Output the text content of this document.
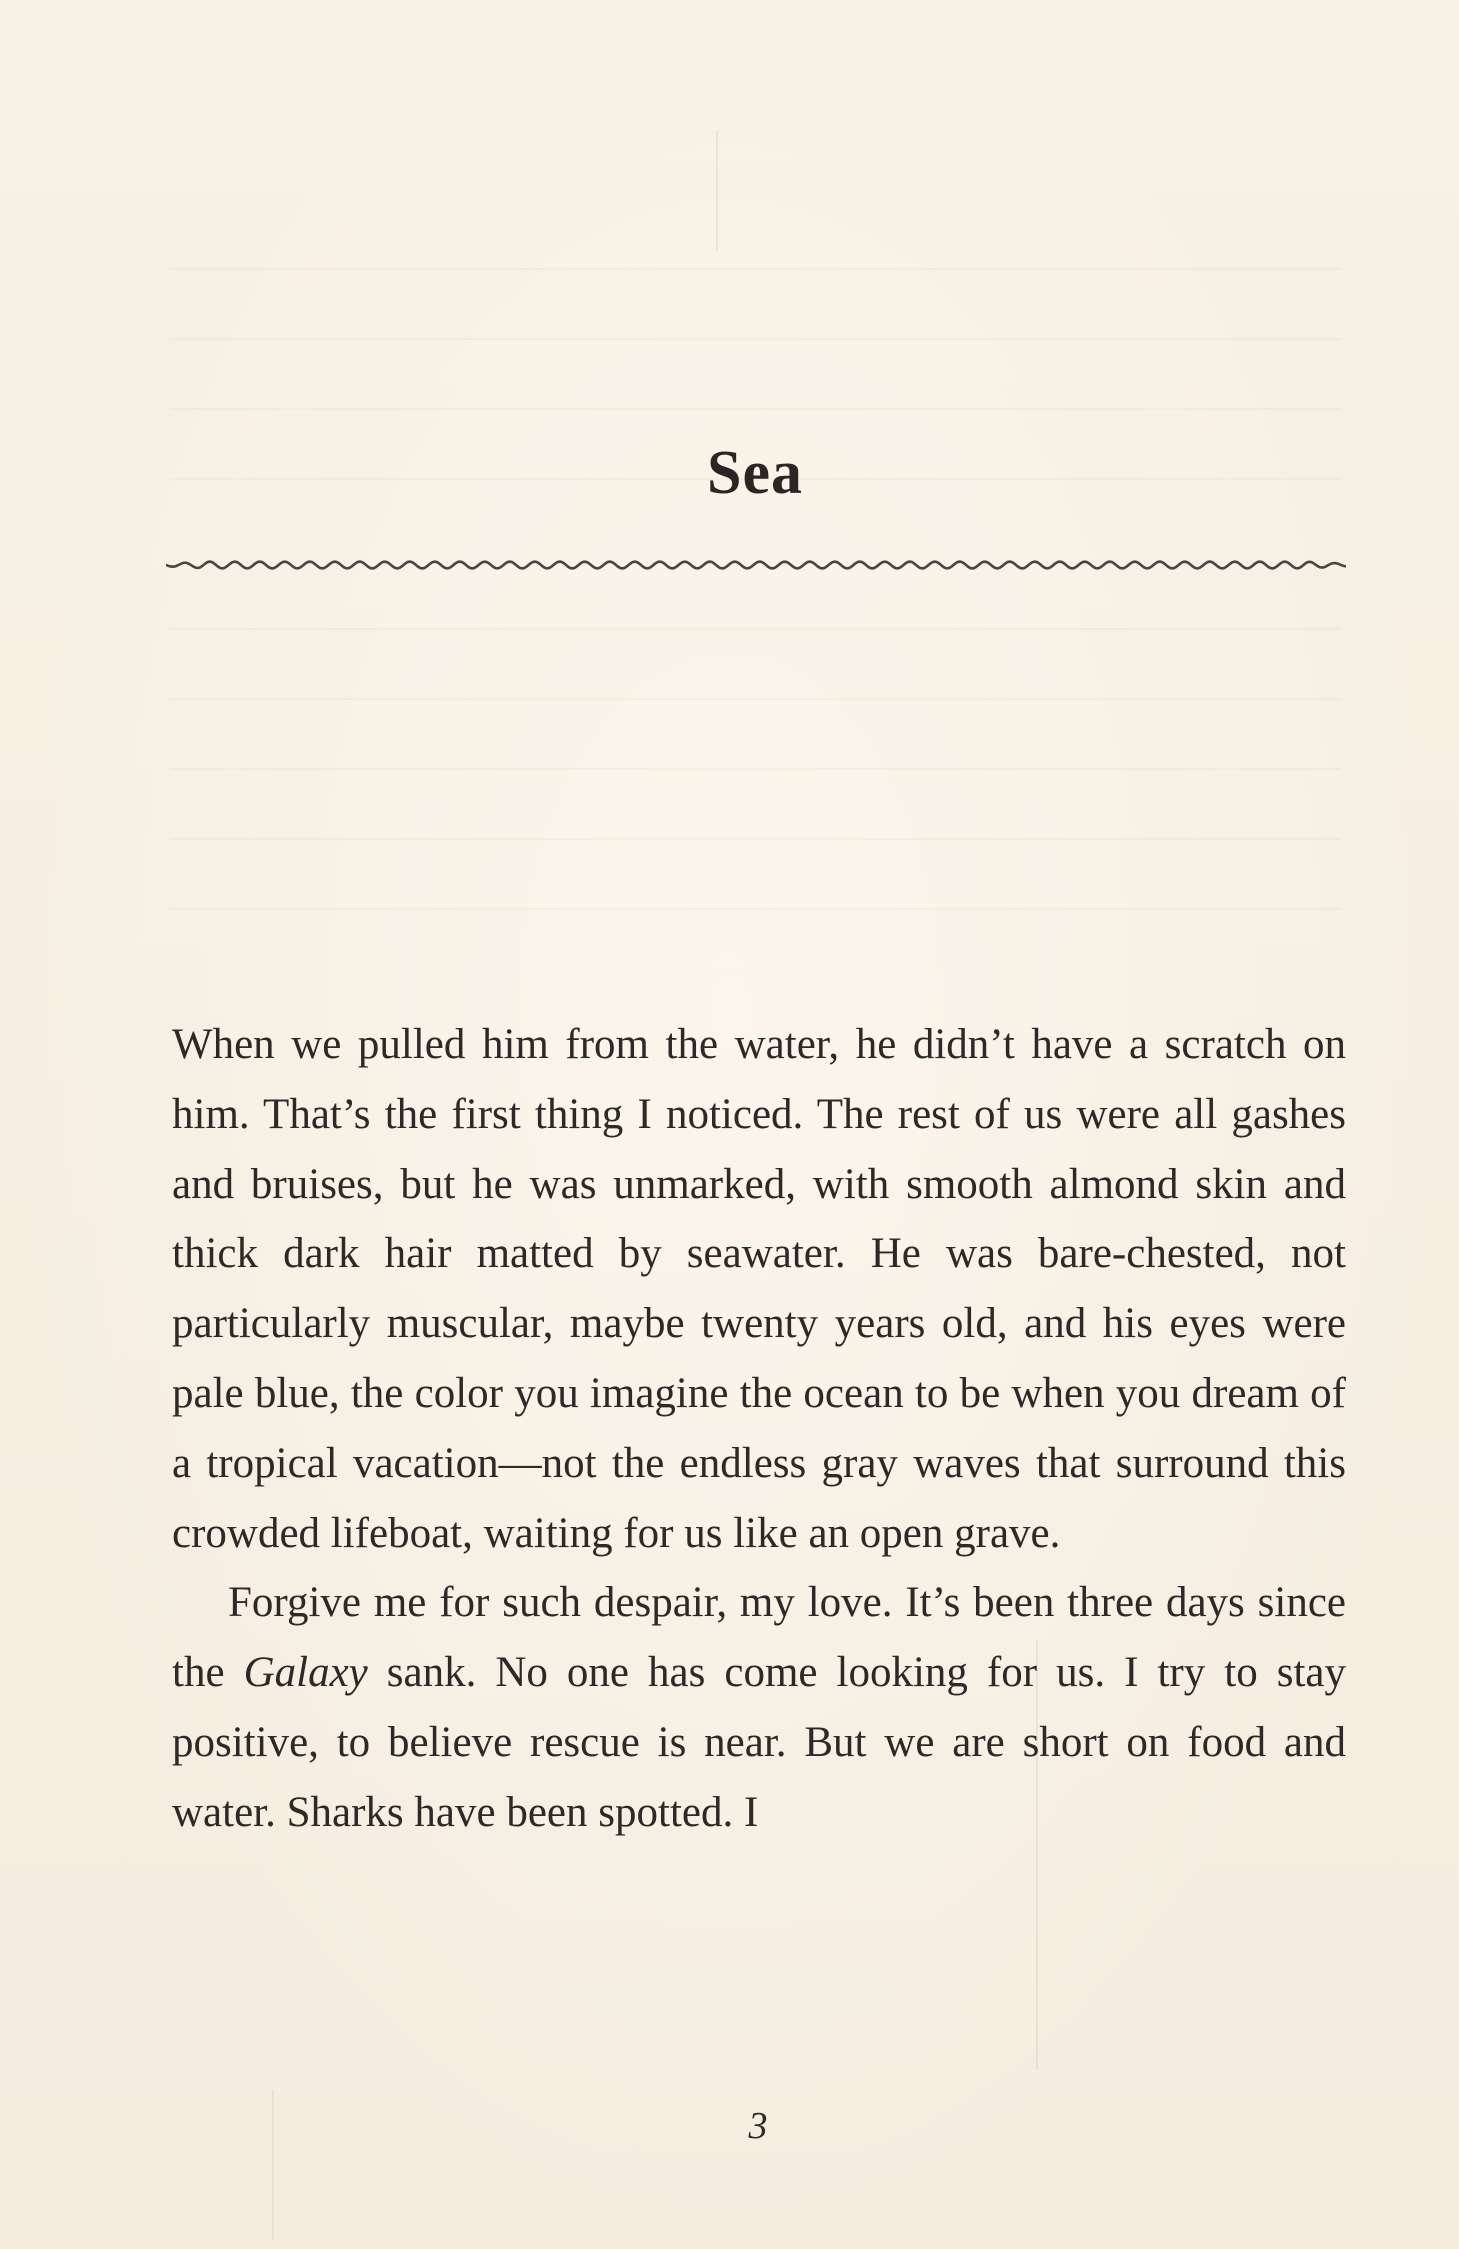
Sea

When we pulled him from the water, he didn’t have a scratch on him. That’s the first thing I noticed. The rest of us were all gashes and bruises, but he was unmarked, with smooth almond skin and thick dark hair matted by seawater. He was bare-chested, not particularly muscular, maybe twenty years old, and his eyes were pale blue, the color you imagine the ocean to be when you dream of a tropical vacation—not the endless gray waves that surround this crowded lifeboat, waiting for us like an open grave.

Forgive me for such despair, my love. It’s been three days since the Galaxy sank. No one has come looking for us. I try to stay positive, to believe rescue is near. But we are short on food and water. Sharks have been spotted. I

3
